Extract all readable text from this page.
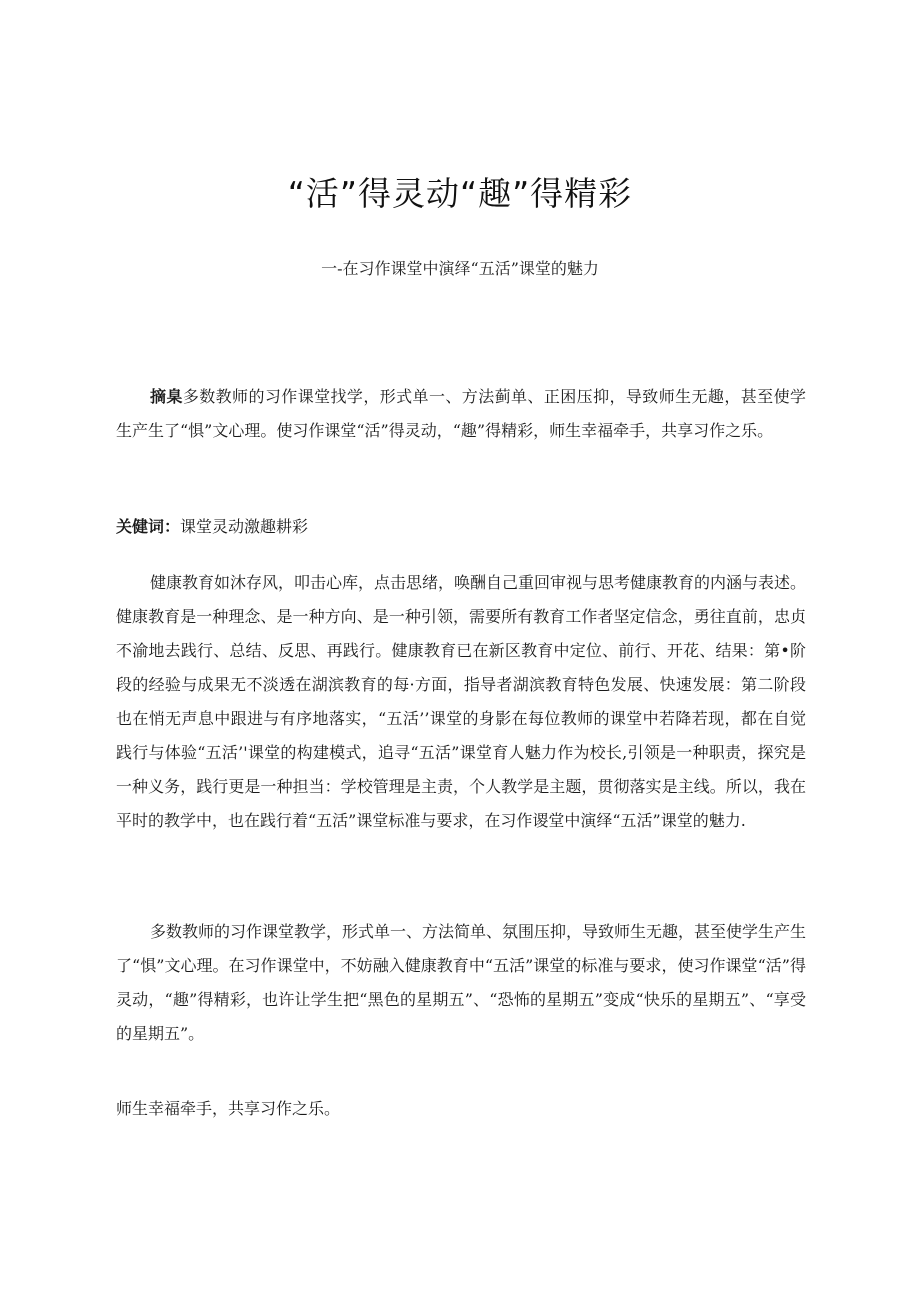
“活”得灵动“趣”得精彩
一-在习作课堂中演绎“五活”课堂的魅力

摘臬多数教师的习作课堂找学，形式单一、方法蓟单、正困压抑，导致师生无趣，甚至使学生产生了“惧”文心理。使习作课堂“活”得灵动，“趣”得精彩，师生幸福牵手，共享习作之乐。

关健词：课堂灵动激趣耕彩

健康教育如沐存风，叩击心库，点击思绪，唤酬自己重回审视与思考健康教育的内涵与表述。健康教育是一种理念、是一种方向、是一种引领，需要所有教育工作者坚定信念，勇往直前，忠贞不渝地去践行、总结、反思、再践行。健康教育已在新区教育中定位、前行、开花、结果：第•阶段的经验与成果无不淡透在湖滨教育的每·方面，指导者湖滨教育特色发展、快速发展：第二阶段也在悄无声息中跟进与有序地落实，“五活’’课堂的身影在每位教师的课堂中若降若现，都在自觉践行与体验“五活’'课堂的构建模式，追寻“五活”课堂育人魅力作为校长,引领是一种职责，探究是一种义务，践行更是一种担当：学校管理是主责，个人教学是主题，贯彻落实是主线。所以，我在平时的教学中，也在践行着“五活”课堂标准与要求，在习作谡堂中演绎“五活”课堂的魅力.

多数教师的习作课堂教学，形式单一、方法简单、氛围压抑，导致师生无趣，甚至使学生产生了“惧”文心理。在习作课堂中，不妨融入健康教育中“五活”课堂的标准与要求，使习作课堂“活”得灵动，“趣”得精彩，也许让学生把“黑色的星期五”、“恐怖的星期五”变成“快乐的星期五”、“享受的星期五”。

师生幸福牵手，共享习作之乐。
